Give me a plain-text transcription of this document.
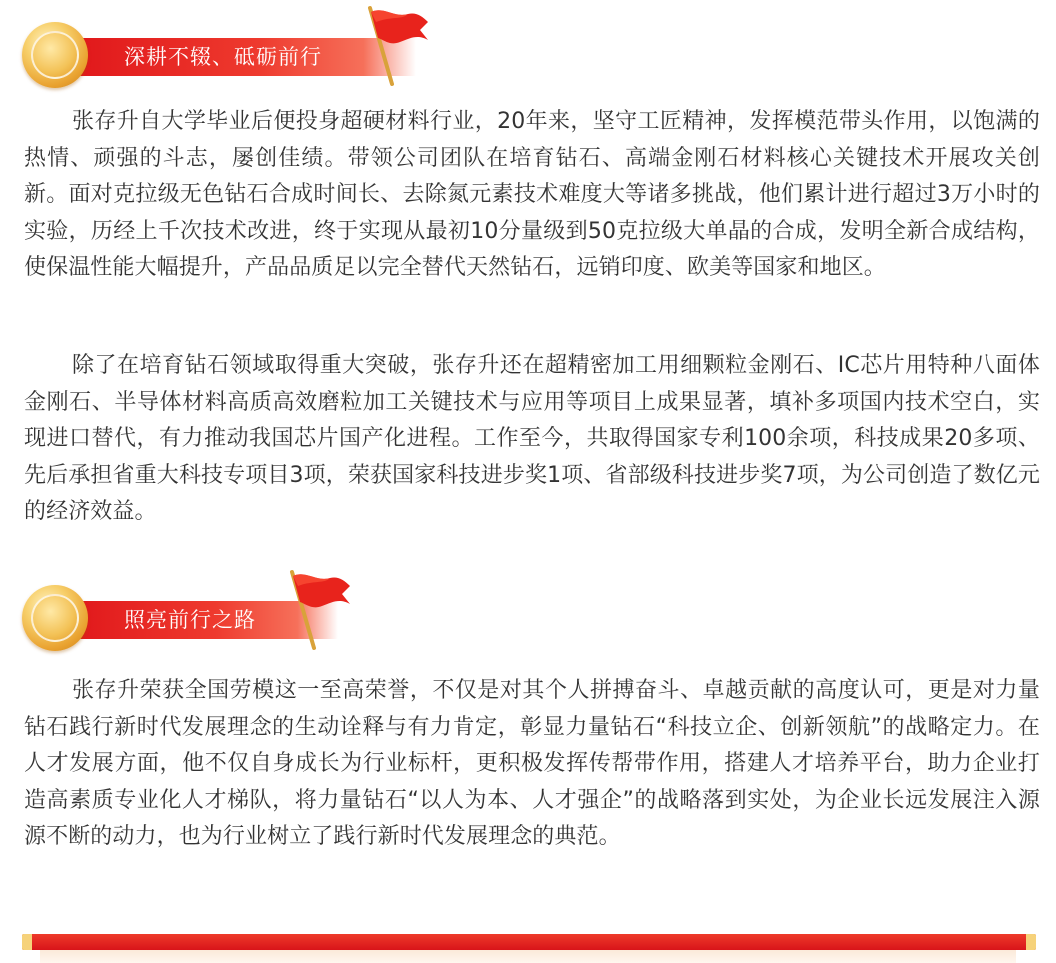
深耕不辍、砥砺前行

张存升自大学毕业后便投身超硬材料行业，20年来，坚守工匠精神，发挥模范带头作用，以饱满的热情、顽强的斗志，屡创佳绩。带领公司团队在培育钻石、高端金刚石材料核心关键技术开展攻关创新。面对克拉级无色钻石合成时间长、去除氮元素技术难度大等诸多挑战，他们累计进行超过3万小时的实验，历经上千次技术改进，终于实现从最初10分量级到50克拉级大单晶的合成，发明全新合成结构，使保温性能大幅提升，产品品质足以完全替代天然钻石，远销印度、欧美等国家和地区。

除了在培育钻石领域取得重大突破，张存升还在超精密加工用细颗粒金刚石、IC芯片用特种八面体金刚石、半导体材料高质高效磨粒加工关键技术与应用等项目上成果显著，填补多项国内技术空白，实现进口替代，有力推动我国芯片国产化进程。工作至今，共取得国家专利100余项，科技成果20多项、先后承担省重大科技专项目3项，荣获国家科技进步奖1项、省部级科技进步奖7项，为公司创造了数亿元的经济效益。

照亮前行之路

张存升荣获全国劳模这一至高荣誉，不仅是对其个人拼搏奋斗、卓越贡献的高度认可，更是对力量钻石践行新时代发展理念的生动诠释与有力肯定，彰显力量钻石“科技立企、创新领航”的战略定力。在人才发展方面，他不仅自身成长为行业标杆，更积极发挥传帮带作用，搭建人才培养平台，助力企业打造高素质专业化人才梯队，将力量钻石“以人为本、人才强企”的战略落到实处，为企业长远发展注入源源不断的动力，也为行业树立了践行新时代发展理念的典范。
